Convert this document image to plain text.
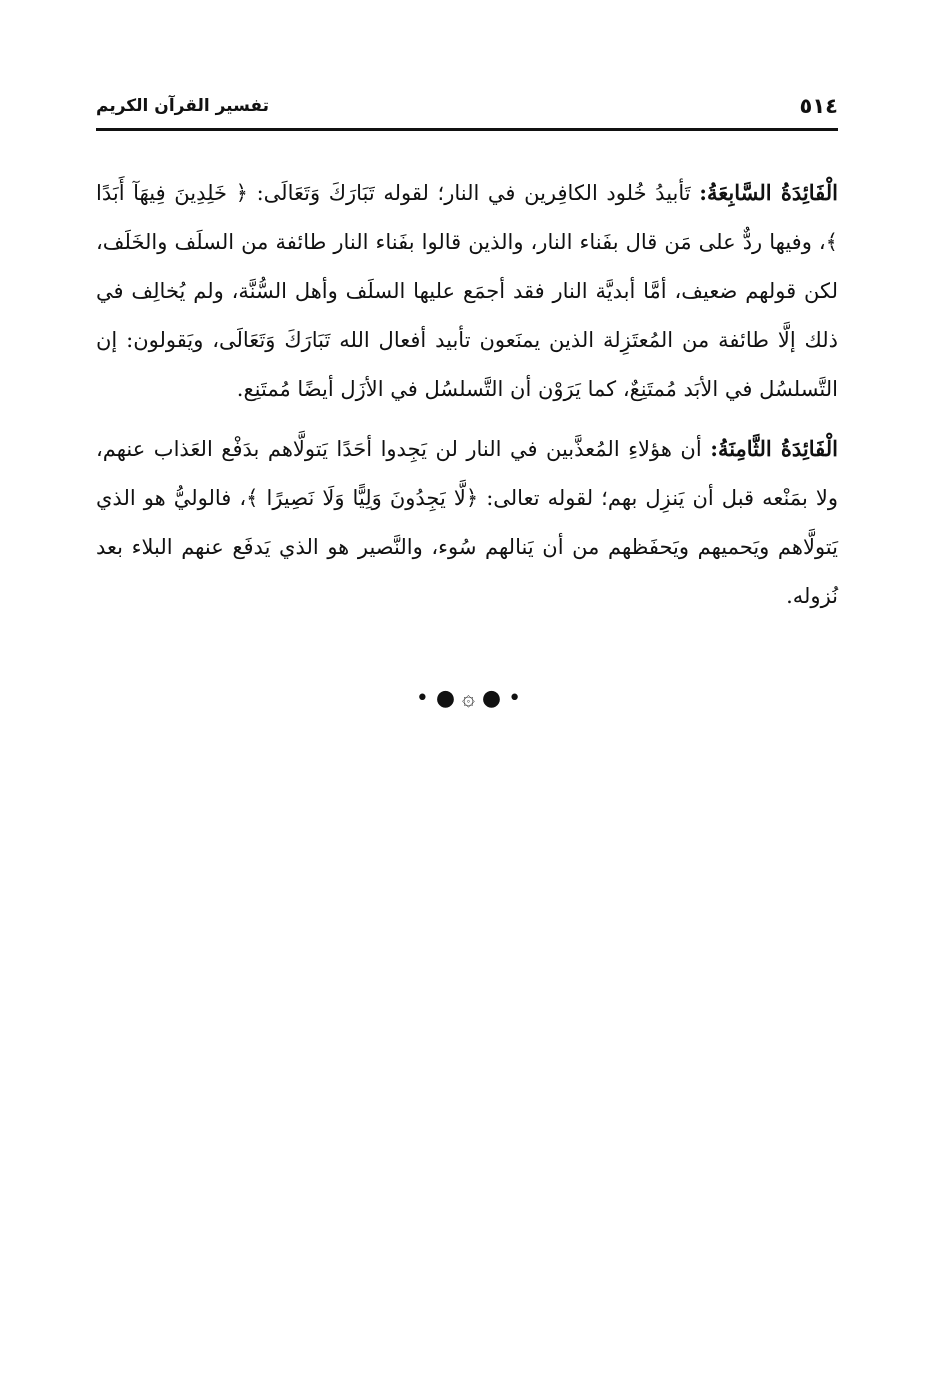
٥١٤
تفسير القرآن الكريم

الْفَائِدَةُ السَّابِعَةُ: تَأبيدُ خُلود الكافِرين في النار؛ لقوله تَبَارَكَ وَتَعَالَى: ﴿ خَلِدِينَ فِيهَآ أَبَدًا ﴾، وفيها ردٌّ على مَن قال بفَناء النار، والذين قالوا بفَناء النار طائفة من السلَف والخَلَف، لكن قولهم ضعيف، أمَّا أبديَّة النار فقد أجمَع عليها السلَف وأهل السُّنَّة، ولم يُخالِف في ذلك إلَّا طائفة من المُعتَزِلة الذين يمنَعون تأبيد أفعال الله تَبَارَكَ وَتَعَالَى، ويَقولون: إن التَّسلسُل في الأبَد مُمتَنِعٌ، كما يَرَوْن أن التَّسلسُل في الأزَل أيضًا مُمتَنِع.

الْفَائِدَةُ الثَّامِنَةُ: أن هؤلاءِ المُعذَّبين في النار لن يَجِدوا أحَدًا يَتولَّاهم بدَفْع العَذاب عنهم، ولا بمَنْعه قبل أن يَنزِل بهم؛ لقوله تعالى: ﴿لَّا يَجِدُونَ وَلِيًّا وَلَا نَصِيرًا ﴾، فالوليُّ هو الذي يَتولَّاهم ويَحميهم ويَحفَظهم من أن يَنالهم سُوء، والنَّصير هو الذي يَدفَع عنهم البلاء بعد نُزوله.

• ● ۞ ● •
